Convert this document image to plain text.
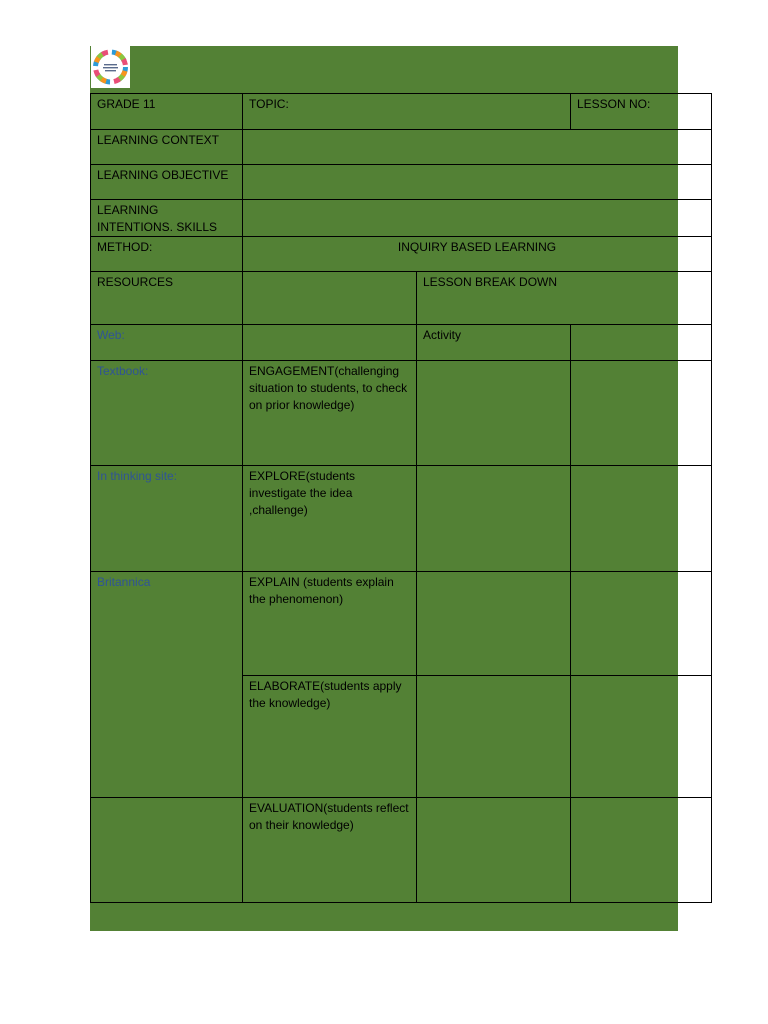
GRADE 11	TOPIC:		LESSON NO:
LEARNING CONTEXT			
LEARNING OBJECTIVE			
LEARNING INTENTIONS. SKILLS			
METHOD:	INQUIRY BASED LEARNING		
RESOURCES		LESSON BREAK DOWN	
Web:		Activity	
Textbook:	ENGAGEMENT(challenging situation to students, to check on prior knowledge)		
In thinking site:	EXPLORE(students investigate the idea ,challenge)		
Britannica	EXPLAIN (students explain the phenomenon)		
	ELABORATE(students apply the knowledge)		
	EVALUATION(students reflect on their knowledge)		
